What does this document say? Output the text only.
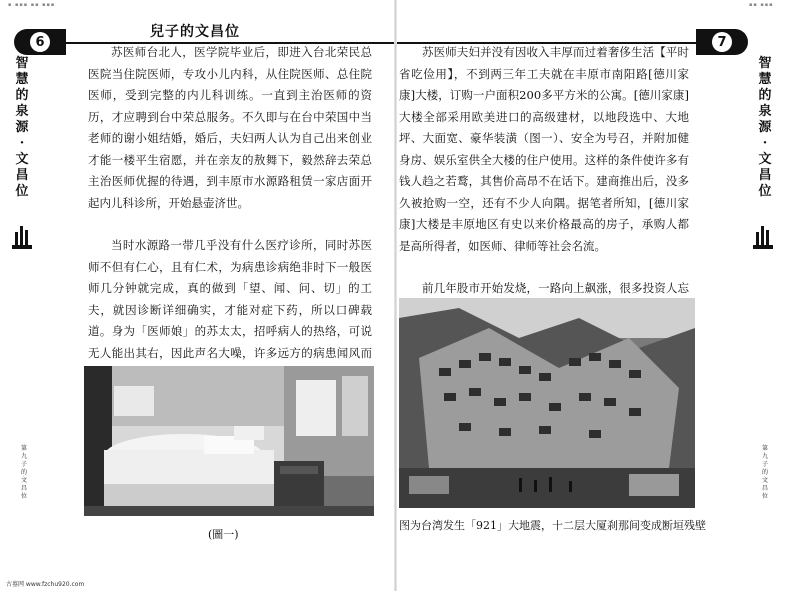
▪ ▪▪▪ ▪▪ ▪▪▪
6
兒子的文昌位
智
慧
的
泉
源
·
文
昌
位
第
九
子
的
文
昌
位

苏医师台北人，医学院毕业后，即进入台北荣民总医院当住院医师，专攻小儿内科，从住院医师、总住院医师，受到完整的内儿科训练。一直到主治医师的资历，才应聘到台中荣总服务。不久即与在台中荣国中当老师的谢小姐结婚，婚后，夫妇两人认为自己出来创业才能一楼平生宿愿，并在亲友的敖舞下，毅然辞去荣总主治医师优握的待遇，到丰原市水源路租赁一家店面开起内儿科诊所，开始悬壶济世。

当时水源路一带几乎没有什么医疗诊所，同时苏医师不但有仁心，且有仁术，为病患诊病绝非时下一般医师几分钟就完成，真的做到「望、闻、问、切」的工夫，就因诊断详细确实，才能对症下药，所以口碑载道。身为「医师娘」的苏太太，招呼病人的热络，可说无人能出其右，因此声名大噪，许多远方的病患闻风而

(圖一)
▪▪ ▪▪▪
7
智
慧
的
泉
源
·
文
昌
位
第
九
子
的
文
昌
位

苏医师夫妇并没有因收入丰厚而过着奢侈生活【平时省吃俭用】，不到两三年工夫就在丰原市南阳路[德川家康]大楼，订购一户面积200多平方米的公寓。[德川家康]大楼全部采用欧美进口的高级建材，以地段选中、大地坪、大面宽、豪华装潢（图一）、安全为号召，并附加健身房、娱乐室供全大楼的住户使用。这样的条件使许多有钱人趋之若鹜，其售价高昂不在话下。建商推出后，没多久被抢购一空，还有不少人向隅。据笔者所知，[德川家康]大楼是丰原地区有史以来价格最高的房子，承购人都是高所得者，如医师、律师等社会名流。

前几年股市开始发烧，一路向上飙涨，很多投资人忘

图为台湾发生「921」大地震，十二层大厦刹那间变成断垣残壁
古墓网 www.fzchu920.com
